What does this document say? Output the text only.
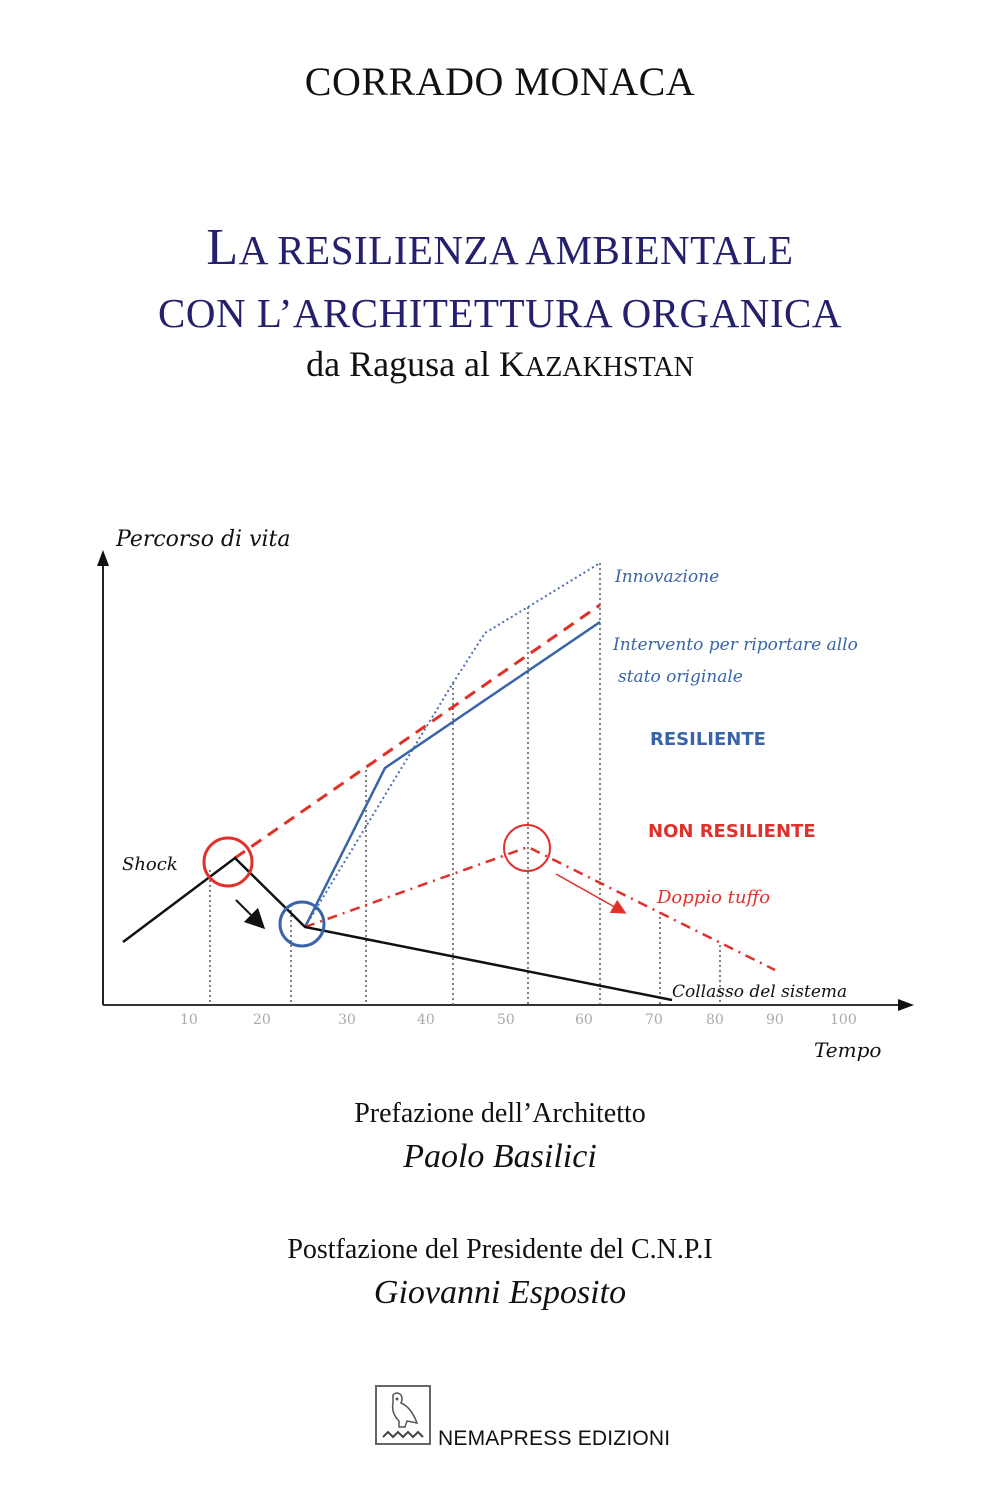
CORRADO MONACA
LA RESILIENZA AMBIENTALE
CON L’ARCHITETTURA ORGANICA
da Ragusa al KAZAKHSTAN
10	20	30	40	50	60	70	80	90	100
Percorso di vita
Tempo
Shock
Innovazione
Intervento per riportare allo
stato originale
RESILIENTE
NON RESILIENTE
Doppio tuffo
Collasso del sistema
Prefazione dell’Architetto
Paolo Basilici
Postfazione del Presidente del C.N.P.I
Giovanni Esposito
NEMAPRESS EDIZIONI
